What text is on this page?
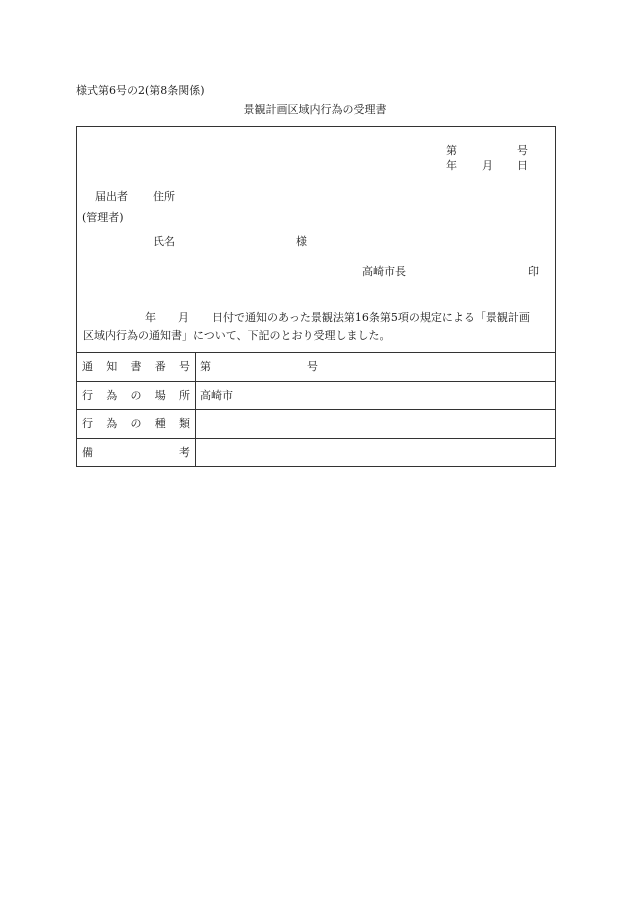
様式第6号の2(第8条関係)
景観計画区域内行為の受理書
第	号
年 月 日
届出者 住所
(管理者)
氏名	様
高崎市長	印
年 月 日付で通知のあった景観法第16条第5項の規定による「景観計画
区域内行為の通知書」について、下記のとおり受理しました。
通 知 書 番 号 第	号
行 為 の 場 所 高崎市
行 為 の 種 類
備	考
